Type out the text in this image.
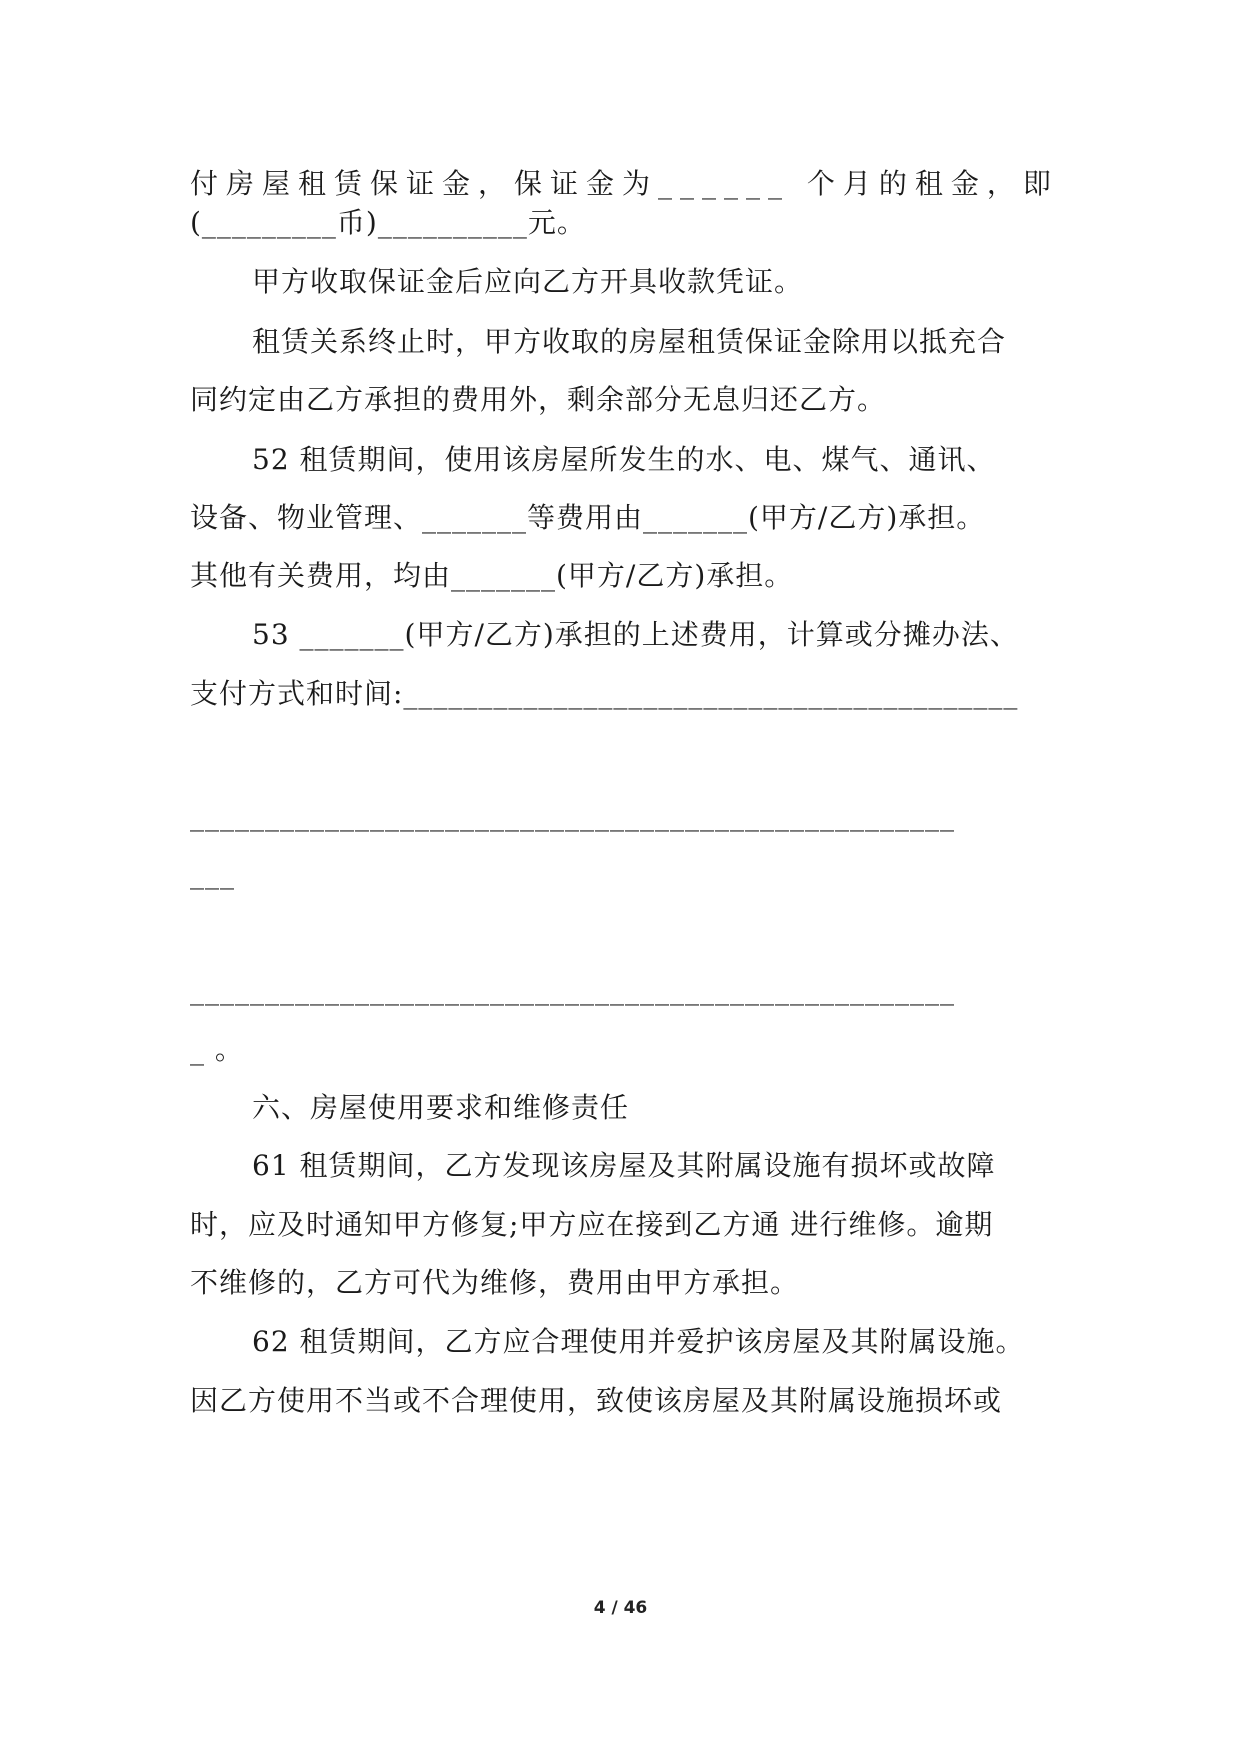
付房屋租赁保证金，保证金为______ 个月的租金，即
(_________币)__________元。
甲方收取保证金后应向乙方开具收款凭证。
租赁关系终止时，甲方收取的房屋租赁保证金除用以抵充合
同约定由乙方承担的费用外，剩余部分无息归还乙方。
52 租赁期间，使用该房屋所发生的水、电、煤气、通讯、
设备、物业管理、_______等费用由_______(甲方/乙方)承担。
其他有关费用，均由_______(甲方/乙方)承担。
53 _______(甲方/乙方)承担的上述费用，计算或分摊办法、
支付方式和时间:_________________________________________
___________________________________________________
___
___________________________________________________
_ 。
六、房屋使用要求和维修责任
61 租赁期间，乙方发现该房屋及其附属设施有损坏或故障
时，应及时通知甲方修复;甲方应在接到乙方通 进行维修。逾期
不维修的，乙方可代为维修，费用由甲方承担。
62 租赁期间，乙方应合理使用并爱护该房屋及其附属设施。
因乙方使用不当或不合理使用，致使该房屋及其附属设施损坏或
4 / 46
